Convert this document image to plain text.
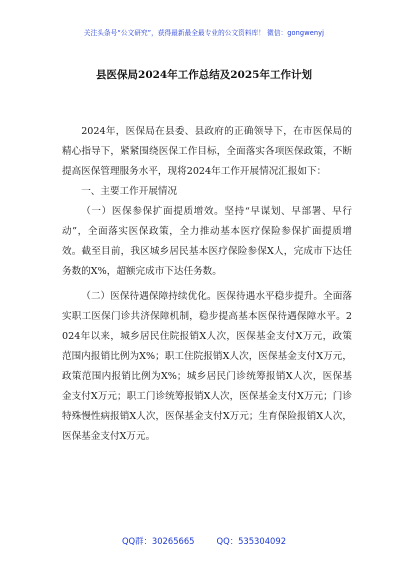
关注头条号“公文研究”，获得最新最全最专业的公文资料库！ 微信：gongwenyj
县医保局2024年工作总结及2025年工作计划

2024年，医保局在县委、县政府的正确领导下，在市医保局的精心指导下，紧紧围绕医保工作目标，全面落实各项医保政策，不断提高医保管理服务水平，现将2024年工作开展情况汇报如下：

一、主要工作开展情况

（一）医保参保扩面提质增效。坚持“早谋划、早部署、早行动”，全面落实医保政策，全力推动基本医疗保险参保扩面提质增效。截至目前，我区城乡居民基本医疗保险参保X人，完成市下达任务数的X%，超额完成市下达任务数。

（二）医保待遇保障持续优化。医保待遇水平稳步提升。全面落实职工医保门诊共济保障机制，稳步提高基本医保待遇保障水平。2024年以来，城乡居民住院报销X人次，医保基金支付X万元，政策范围内报销比例为X%；职工住院报销X人次，医保基金支付X万元，政策范围内报销比例为X%；城乡居民门诊统筹报销X人次，医保基金支付X万元；职工门诊统筹报销X人次，医保基金支付X万元；门诊特殊慢性病报销X人次，医保基金支付X万元；生育保险报销X人次，医保基金支付X万元。

QQ群：30265665	QQ：535304092
